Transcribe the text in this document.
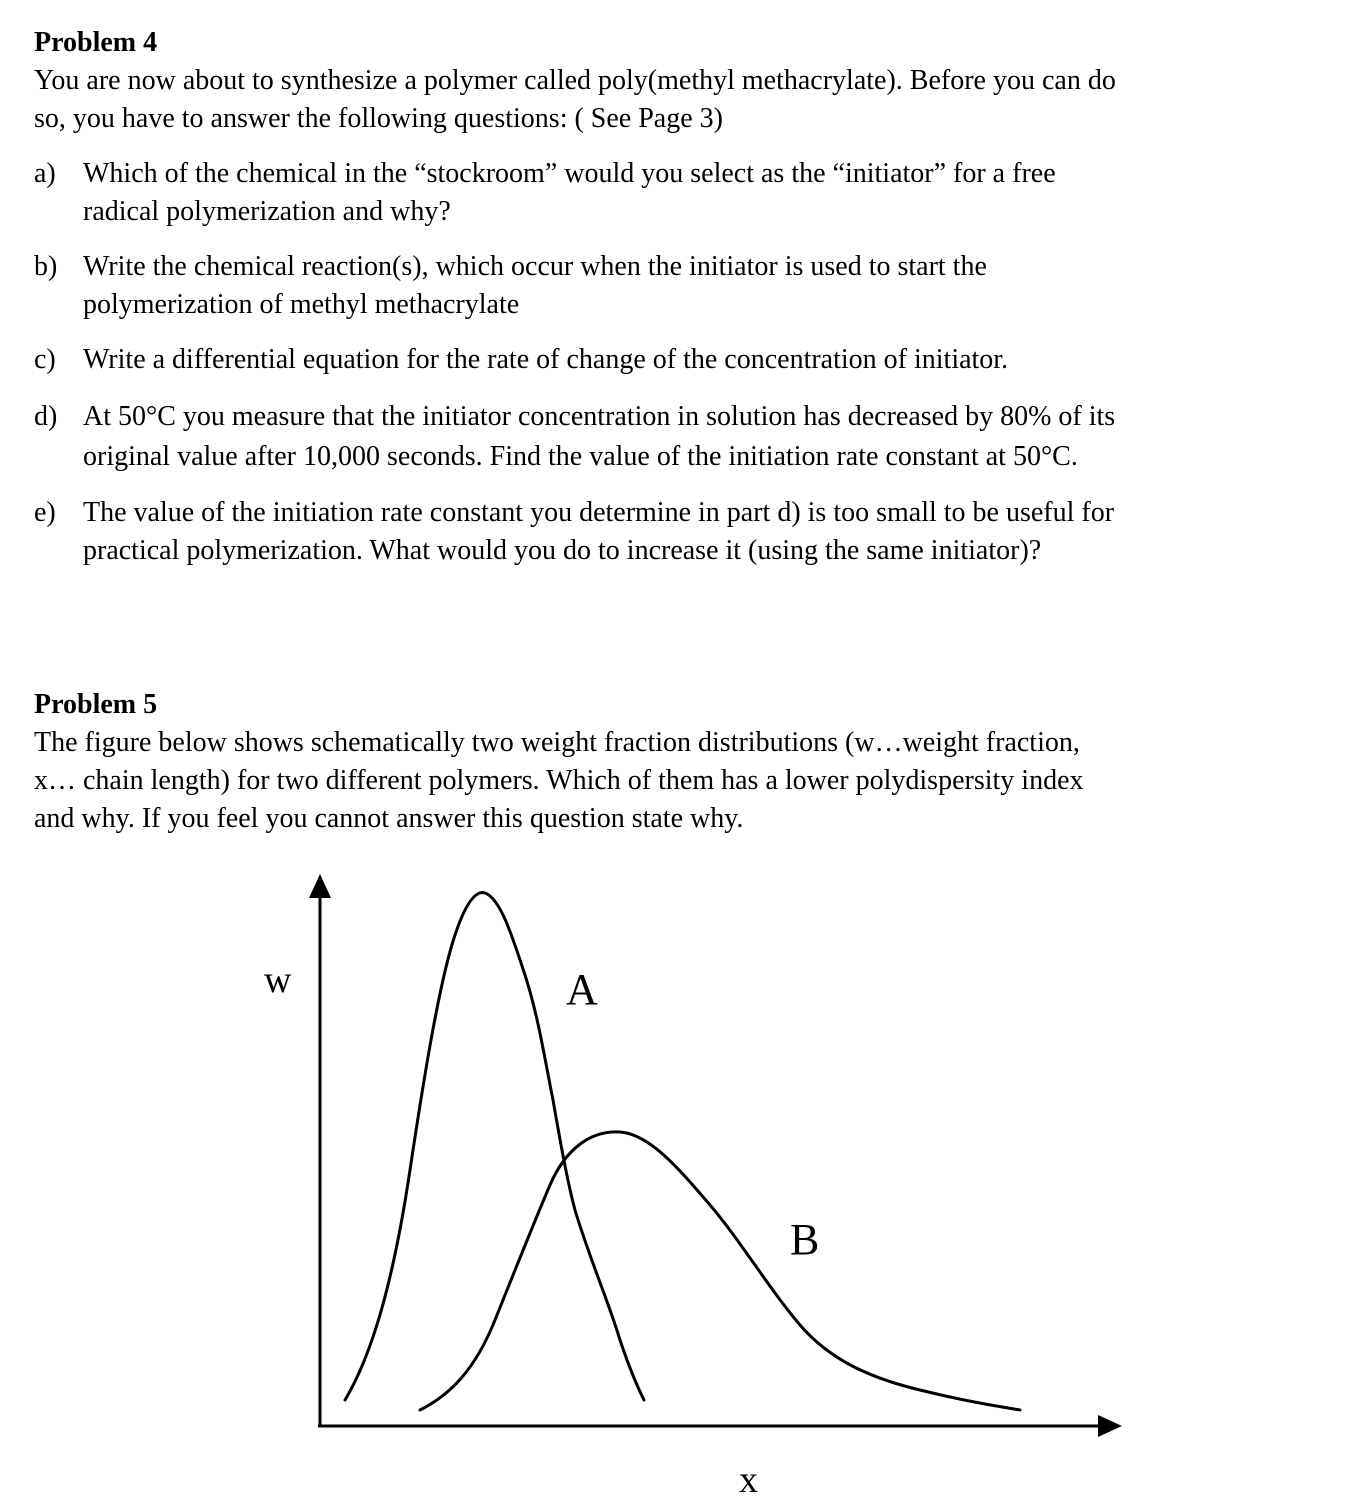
Problem 4
You are now about to synthesize a polymer called poly(methyl methacrylate). Before you can do
so, you have to answer the following questions: ( See Page 3)
a) Which of the chemical in the “stockroom” would you select as the “initiator” for a free
radical polymerization and why?
b) Write the chemical reaction(s), which occur when the initiator is used to start the
polymerization of methyl methacrylate
c) Write a differential equation for the rate of change of the concentration of initiator.
d) At 50°C you measure that the initiator concentration in solution has decreased by 80% of its
original value after 10,000 seconds. Find the value of the initiation rate constant at 50°C.
e) The value of the initiation rate constant you determine in part d) is too small to be useful for
practical polymerization. What would you do to increase it (using the same initiator)?
Problem 5
The figure below shows schematically two weight fraction distributions (w…weight fraction,
x… chain length) for two different polymers. Which of them has a lower polydispersity index
and why. If you feel you cannot answer this question state why.
w
x
A
B
